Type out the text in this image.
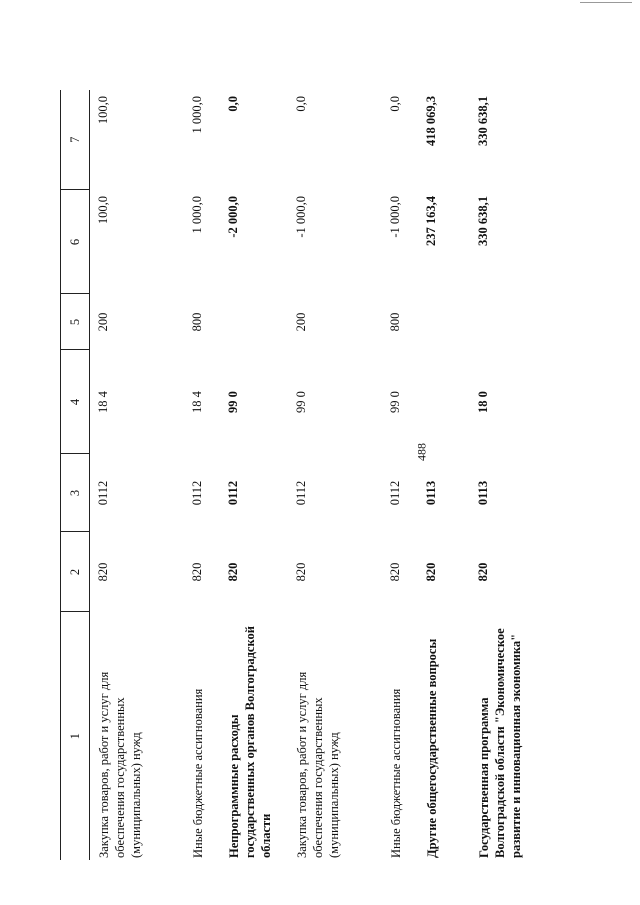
488
1	2	3	4	5	6	7
Закупка товаров, работ и услуг для обеспечения государственных (муниципальных) нужд	820	0112	18 4	200	100,0	100,0
Иные бюджетные ассигнования	820	0112	18 4	800	1 000,0	1 000,0
Непрограммные расходы государственных органов Волгоградской области	820	0112	99 0		-2 000,0	0,0
Закупка товаров, работ и услуг для обеспечения государственных (муниципальных) нужд	820	0112	99 0	200	-1 000,0	0,0
Иные бюджетные ассигнования	820	0112	99 0	800	-1 000,0	0,0
Другие общегосударственные вопросы	820	0113			237 163,4	418 069,3
Государственная программа Волгоградской области "Экономическое развитие и инновационная экономика"	820	0113	18 0		330 638,1	330 638,1
